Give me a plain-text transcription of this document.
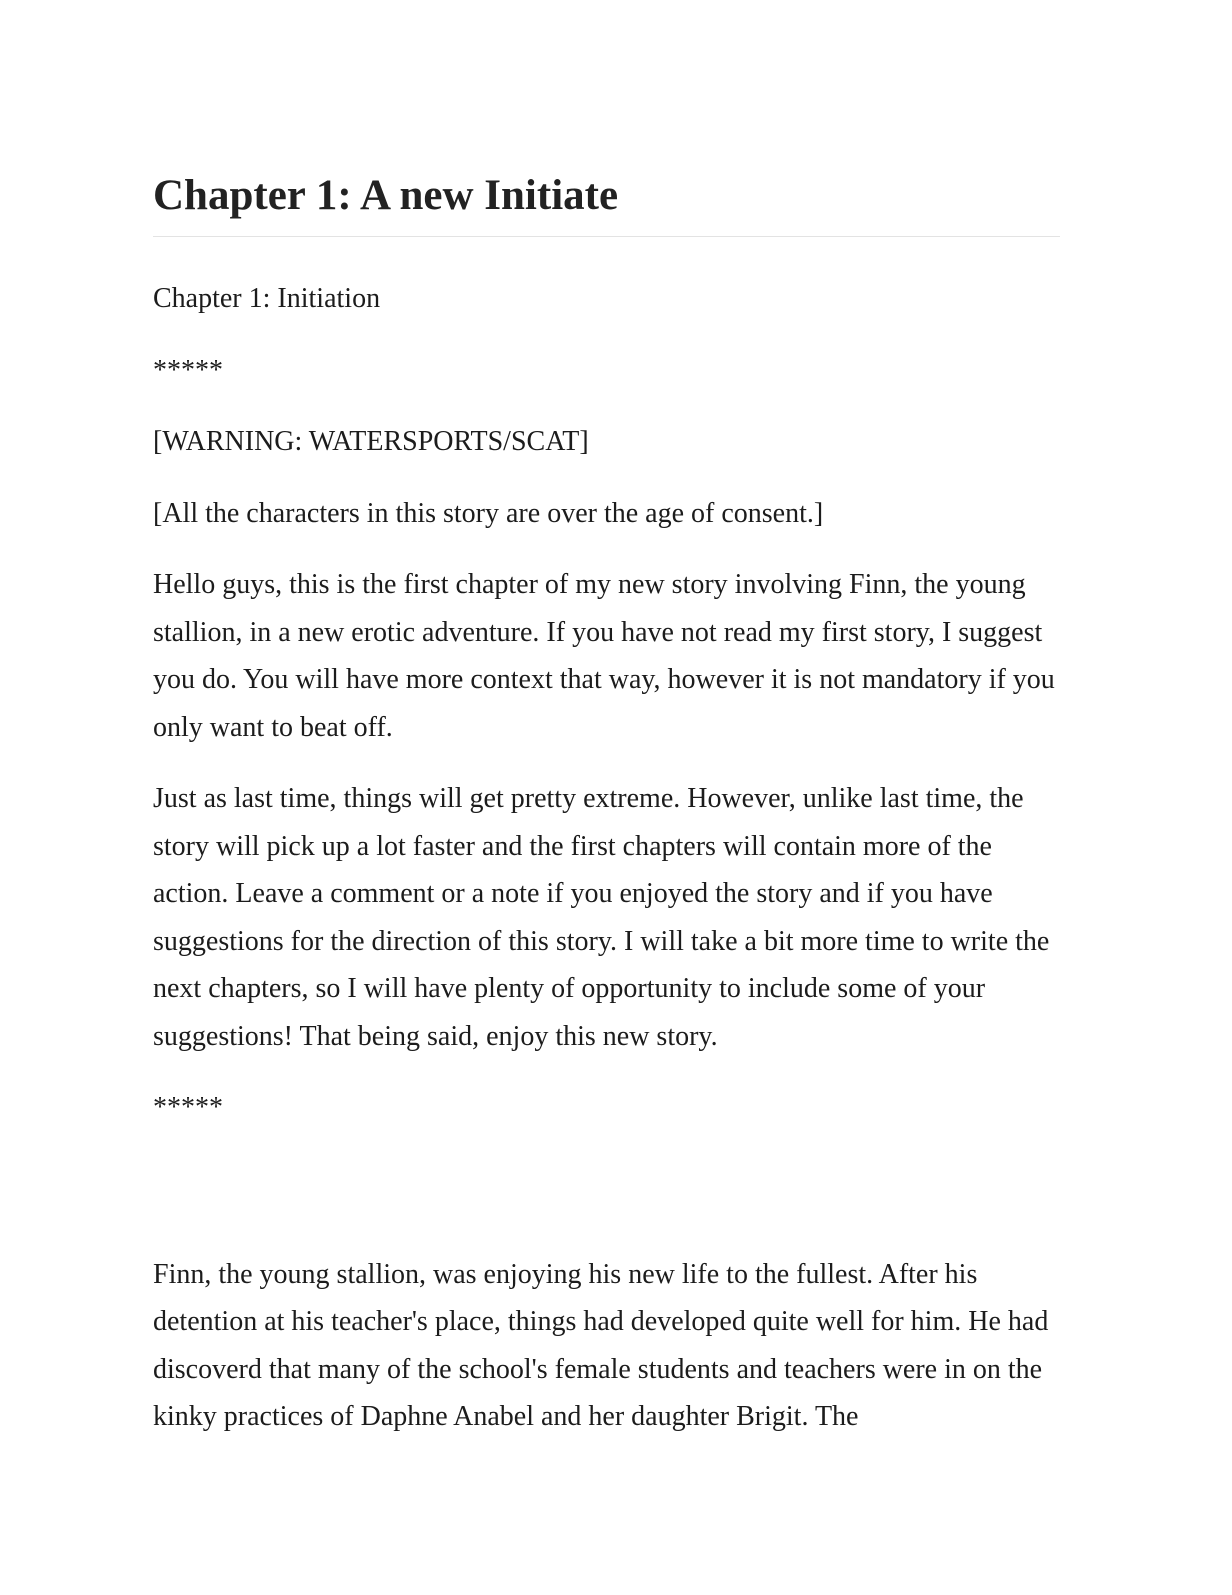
Chapter 1: A new Initiate

Chapter 1: Initiation

*****

[WARNING: WATERSPORTS/SCAT]

[All the characters in this story are over the age of consent.]

Hello guys, this is the first chapter of my new story involving Finn, the young stallion, in a new erotic adventure. If you have not read my first story, I suggest you do. You will have more context that way, however it is not mandatory if you only want to beat off.

Just as last time, things will get pretty extreme. However, unlike last time, the story will pick up a lot faster and the first chapters will contain more of the action. Leave a comment or a note if you enjoyed the story and if you have suggestions for the direction of this story. I will take a bit more time to write the next chapters, so I will have plenty of opportunity to include some of your suggestions! That being said, enjoy this new story.

*****

Finn, the young stallion, was enjoying his new life to the fullest. After his detention at his teacher's place, things had developed quite well for him. He had discoverd that many of the school's female students and teachers were in on the kinky practices of Daphne Anabel and her daughter Brigit. The
